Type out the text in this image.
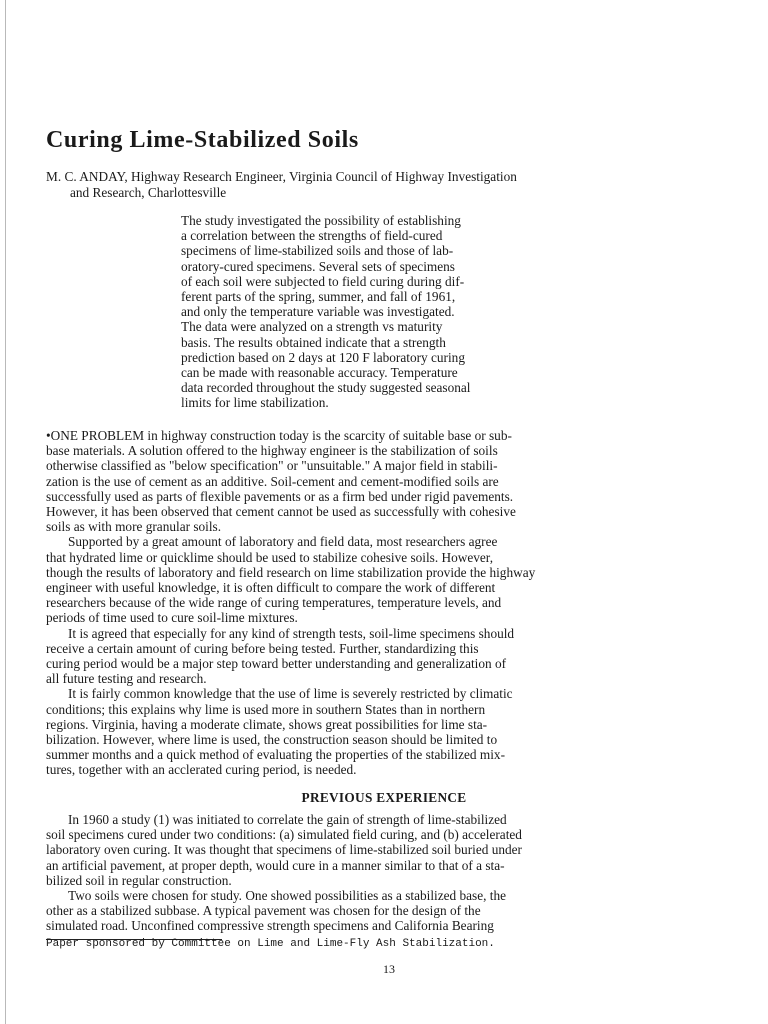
Curing Lime-Stabilized Soils
M. C. ANDAY, Highway Research Engineer, Virginia Council of Highway Investigation
and Research, Charlottesville
The study investigated the possibility of establishing
a correlation between the strengths of field-cured
specimens of lime-stabilized soils and those of lab-
oratory-cured specimens. Several sets of specimens
of each soil were subjected to field curing during dif-
ferent parts of the spring, summer, and fall of 1961,
and only the temperature variable was investigated.
The data were analyzed on a strength vs maturity
basis. The results obtained indicate that a strength
prediction based on 2 days at 120 F laboratory curing
can be made with reasonable accuracy. Temperature
data recorded throughout the study suggested seasonal
limits for lime stabilization.

•ONE PROBLEM in highway construction today is the scarcity of suitable base or sub-
base materials. A solution offered to the highway engineer is the stabilization of soils
otherwise classified as "below specification" or "unsuitable." A major field in stabili-
zation is the use of cement as an additive. Soil-cement and cement-modified soils are
successfully used as parts of flexible pavements or as a firm bed under rigid pavements.
However, it has been observed that cement cannot be used as successfully with cohesive
soils as with more granular soils.

Supported by a great amount of laboratory and field data, most researchers agree
that hydrated lime or quicklime should be used to stabilize cohesive soils. However,
though the results of laboratory and field research on lime stabilization provide the highway
engineer with useful knowledge, it is often difficult to compare the work of different
researchers because of the wide range of curing temperatures, temperature levels, and
periods of time used to cure soil-lime mixtures.

It is agreed that especially for any kind of strength tests, soil-lime specimens should
receive a certain amount of curing before being tested. Further, standardizing this
curing period would be a major step toward better understanding and generalization of
all future testing and research.

It is fairly common knowledge that the use of lime is severely restricted by climatic
conditions; this explains why lime is used more in southern States than in northern
regions. Virginia, having a moderate climate, shows great possibilities for lime sta-
bilization. However, where lime is used, the construction season should be limited to
summer months and a quick method of evaluating the properties of the stabilized mix-
tures, together with an acclerated curing period, is needed.

PREVIOUS EXPERIENCE

In 1960 a study (1) was initiated to correlate the gain of strength of lime-stabilized
soil specimens cured under two conditions: (a) simulated field curing, and (b) accelerated
laboratory oven curing. It was thought that specimens of lime-stabilized soil buried under
an artificial pavement, at proper depth, would cure in a manner similar to that of a sta-
bilized soil in regular construction.

Two soils were chosen for study. One showed possibilities as a stabilized base, the
other as a stabilized subbase. A typical pavement was chosen for the design of the
simulated road. Unconfined compressive strength specimens and California Bearing

Paper sponsored by Committee on Lime and Lime-Fly Ash Stabilization.

13
